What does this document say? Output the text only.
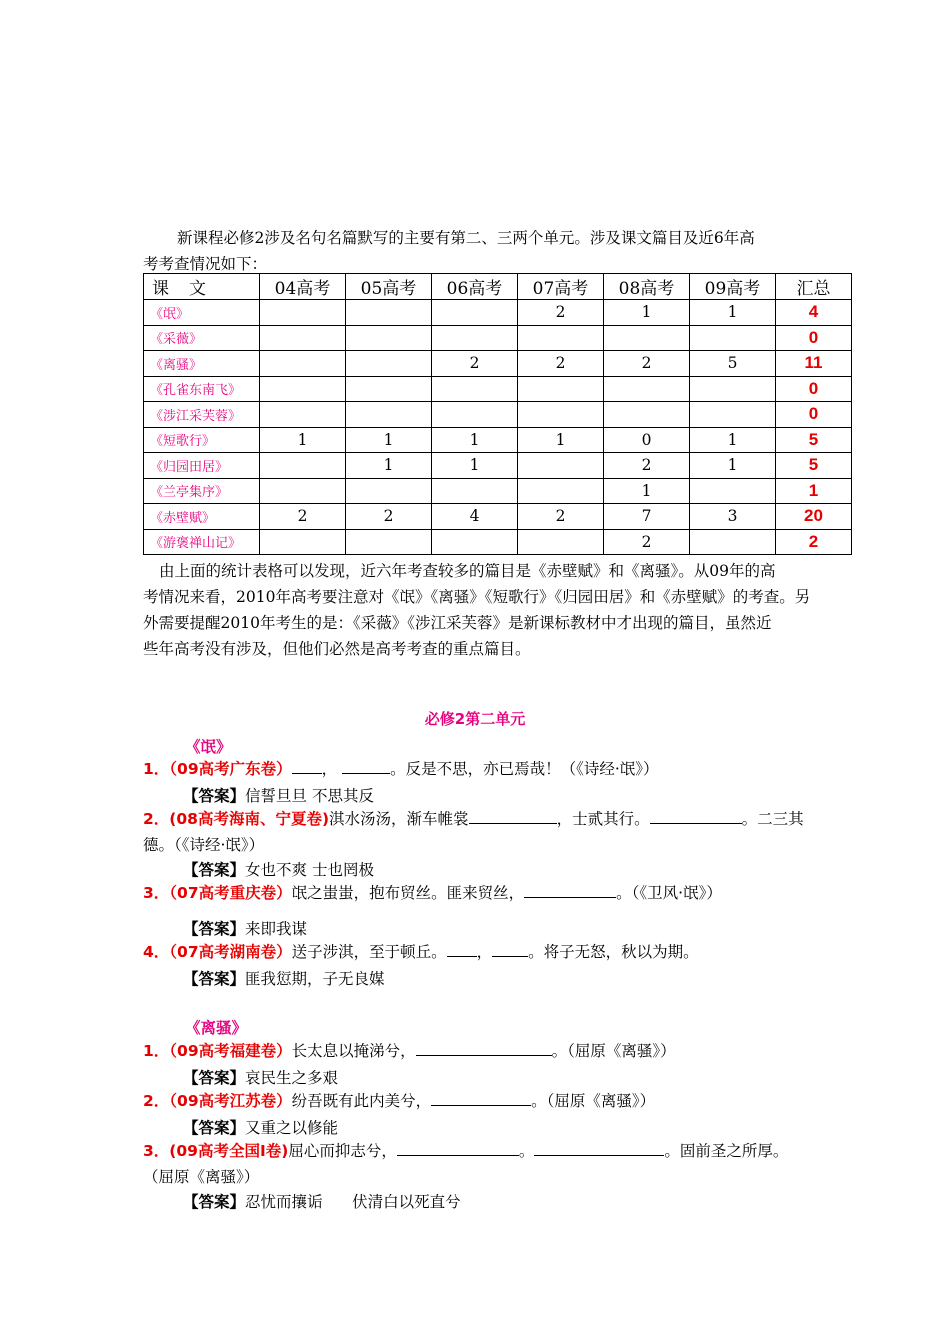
新课程必修2涉及名句名篇默写的主要有第二、三两个单元。涉及课文篇目及近6年高

考考查情况如下：
课文	04高考	05高考	06高考	07高考	08高考	09高考	汇总
《氓》				2	1	1	4
《采薇》							0
《离骚》			2	2	2	5	11
《孔雀东南飞》							0
《涉江采芙蓉》							0
《短歌行》	1	1	1	1	0	1	5
《归园田居》		1	1		2	1	5
《兰亭集序》					1		1
《赤壁赋》	2	2	4	2	7	3	20
《游褒禅山记》					2		2

由上面的统计表格可以发现，近六年考查较多的篇目是《赤壁赋》和《离骚》。从09年的高

考情况来看，2010年高考要注意对《氓》《离骚》《短歌行》《归园田居》和《赤壁赋》的考查。另
外需要提醒2010年考生的是：《采薇》《涉江采芙蓉》是新课标教材中才出现的篇目，虽然近
些年高考没有涉及，但他们必然是高考考查的重点篇目。
必修2第二单元
《氓》
1．（09高考广东卷） ，	。反是不思，亦已焉哉！（《诗经·氓》）
【答案】信誓旦旦 不思其反
2．(08高考海南、宁夏卷)淇水汤汤，渐车帷裳	，士贰其行。	。二三其
德。（《诗经·氓》）
【答案】女也不爽 士也罔极
3．（07高考重庆卷）氓之蚩蚩，抱布贸丝。匪来贸丝，	。（《卫风·氓》）
【答案】来即我谋
4．（07高考湖南卷）送子涉淇，至于顿丘。 ， 。将子无怒，秋以为期。
【答案】匪我愆期，子无良媒
《离骚》
1．（09高考福建卷）长太息以掩涕兮，	。（屈原《离骚》）
【答案】哀民生之多艰
2．（09高考江苏卷）纷吾既有此内美兮，	。（屈原《离骚》）
【答案】又重之以修能
3．(09高考全国Ⅰ卷)屈心而抑志兮，	。	。固前圣之所厚。
（屈原《离骚》）
【答案】忍忧而攘诟      伏清白以死直兮
